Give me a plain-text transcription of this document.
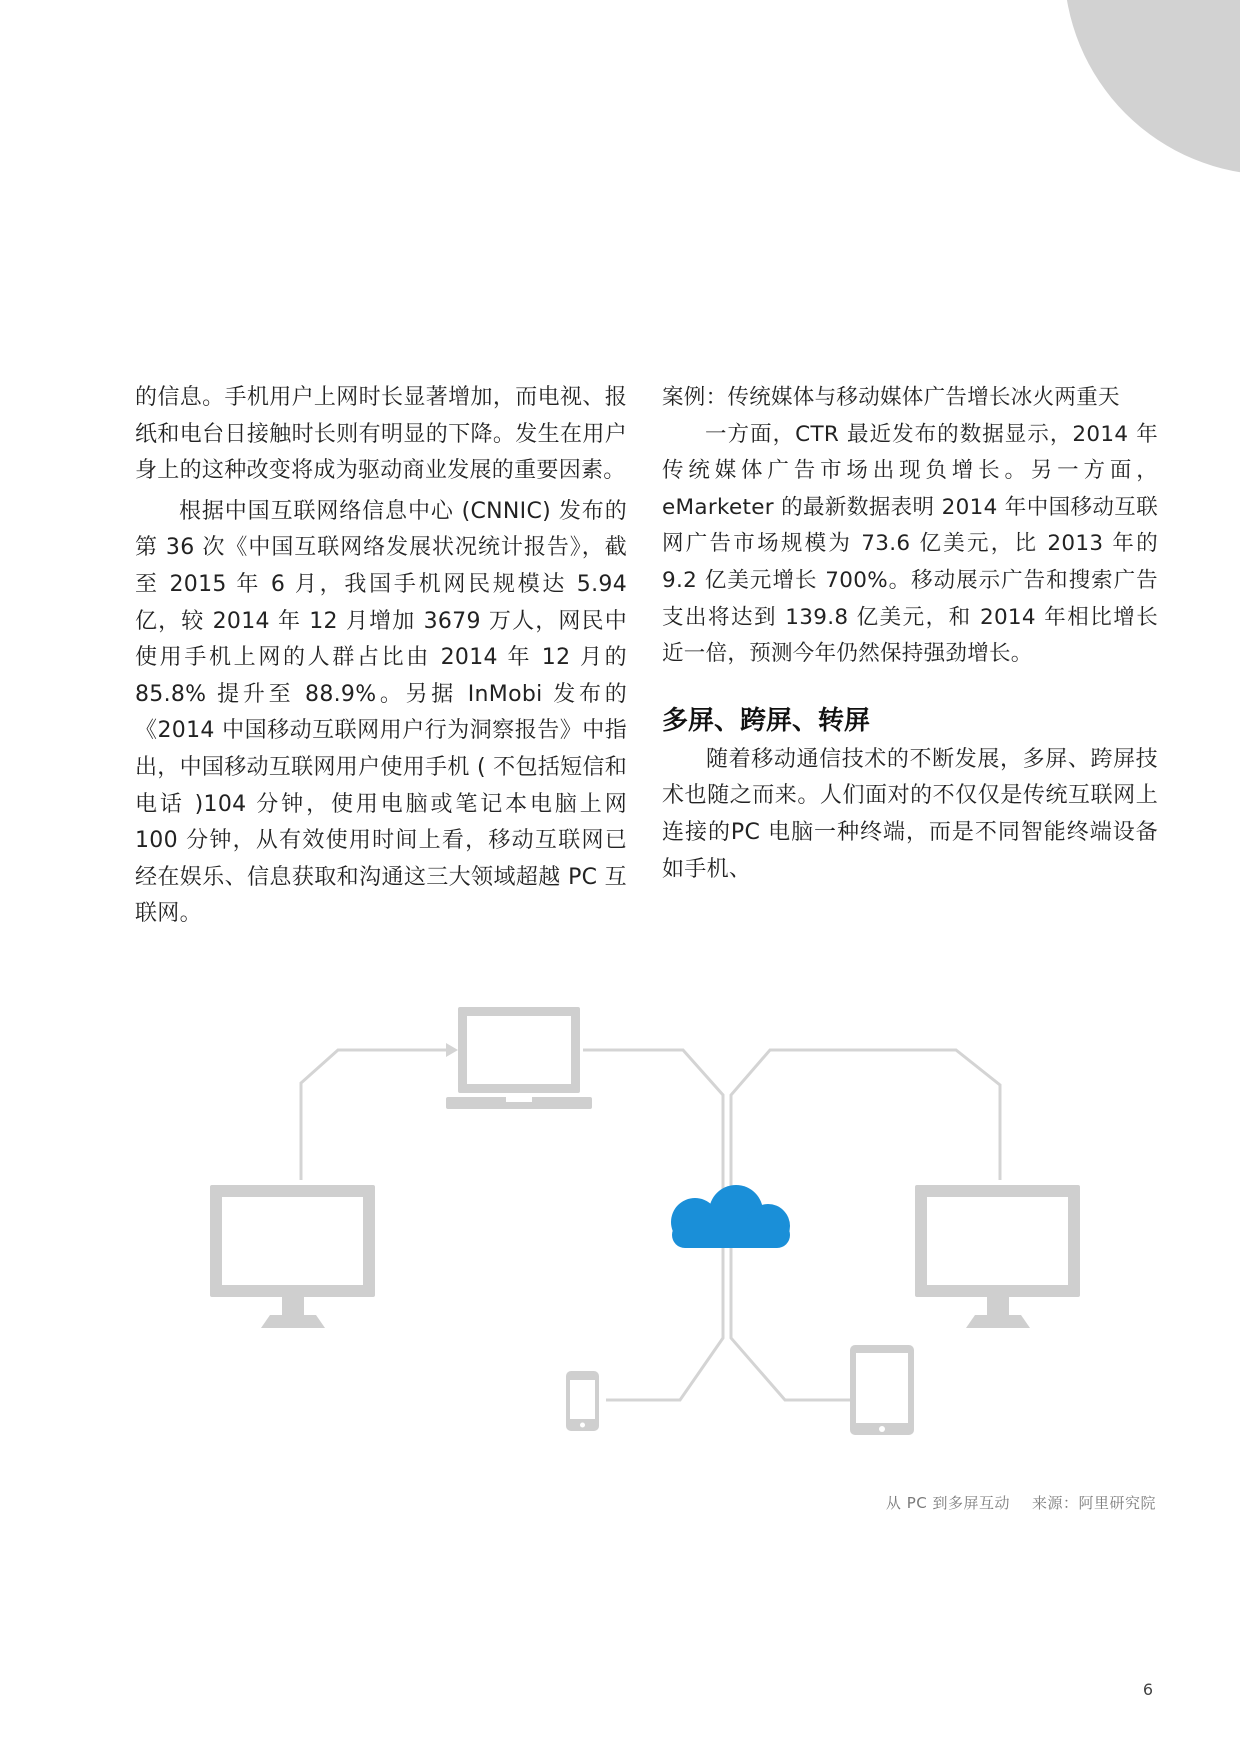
的信息。手机用户上网时长显著增加，而电视、报纸和电台日接触时长则有明显的下降。发生在用户身上的这种改变将成为驱动商业发展的重要因素。

根据中国互联网络信息中心 (CNNIC) 发布的第 36 次《中国互联网络发展状况统计报告》，截至 2015 年 6 月，我国手机网民规模达 5.94 亿，较 2014 年 12 月增加 3679 万人，网民中使用手机上网的人群占比由 2014 年 12 月的 85.8% 提升至 88.9%。另据 InMobi 发布的《2014 中国移动互联网用户行为洞察报告》中指出，中国移动互联网用户使用手机 ( 不包括短信和电话 )104 分钟，使用电脑或笔记本电脑上网 100 分钟，从有效使用时间上看，移动互联网已经在娱乐、信息获取和沟通这三大领域超越 PC 互联网。

案例：传统媒体与移动媒体广告增长冰火两重天

一方面，CTR 最近发布的数据显示，2014 年传统媒体广告市场出现负增长。另一方面，eMarketer 的最新数据表明 2014 年中国移动互联网广告市场规模为 73.6 亿美元，比 2013 年的 9.2 亿美元增长 700%。移动展示广告和搜索广告支出将达到 139.8 亿美元，和 2014 年相比增长近一倍，预测今年仍然保持强劲增长。

多屏、跨屏、转屏

随着移动通信技术的不断发展，多屏、跨屏技术也随之而来。人们面对的不仅仅是传统互联网上连接的PC 电脑一种终端，而是不同智能终端设备如手机、

从 PC 到多屏互动 来源：阿里研究院
6
